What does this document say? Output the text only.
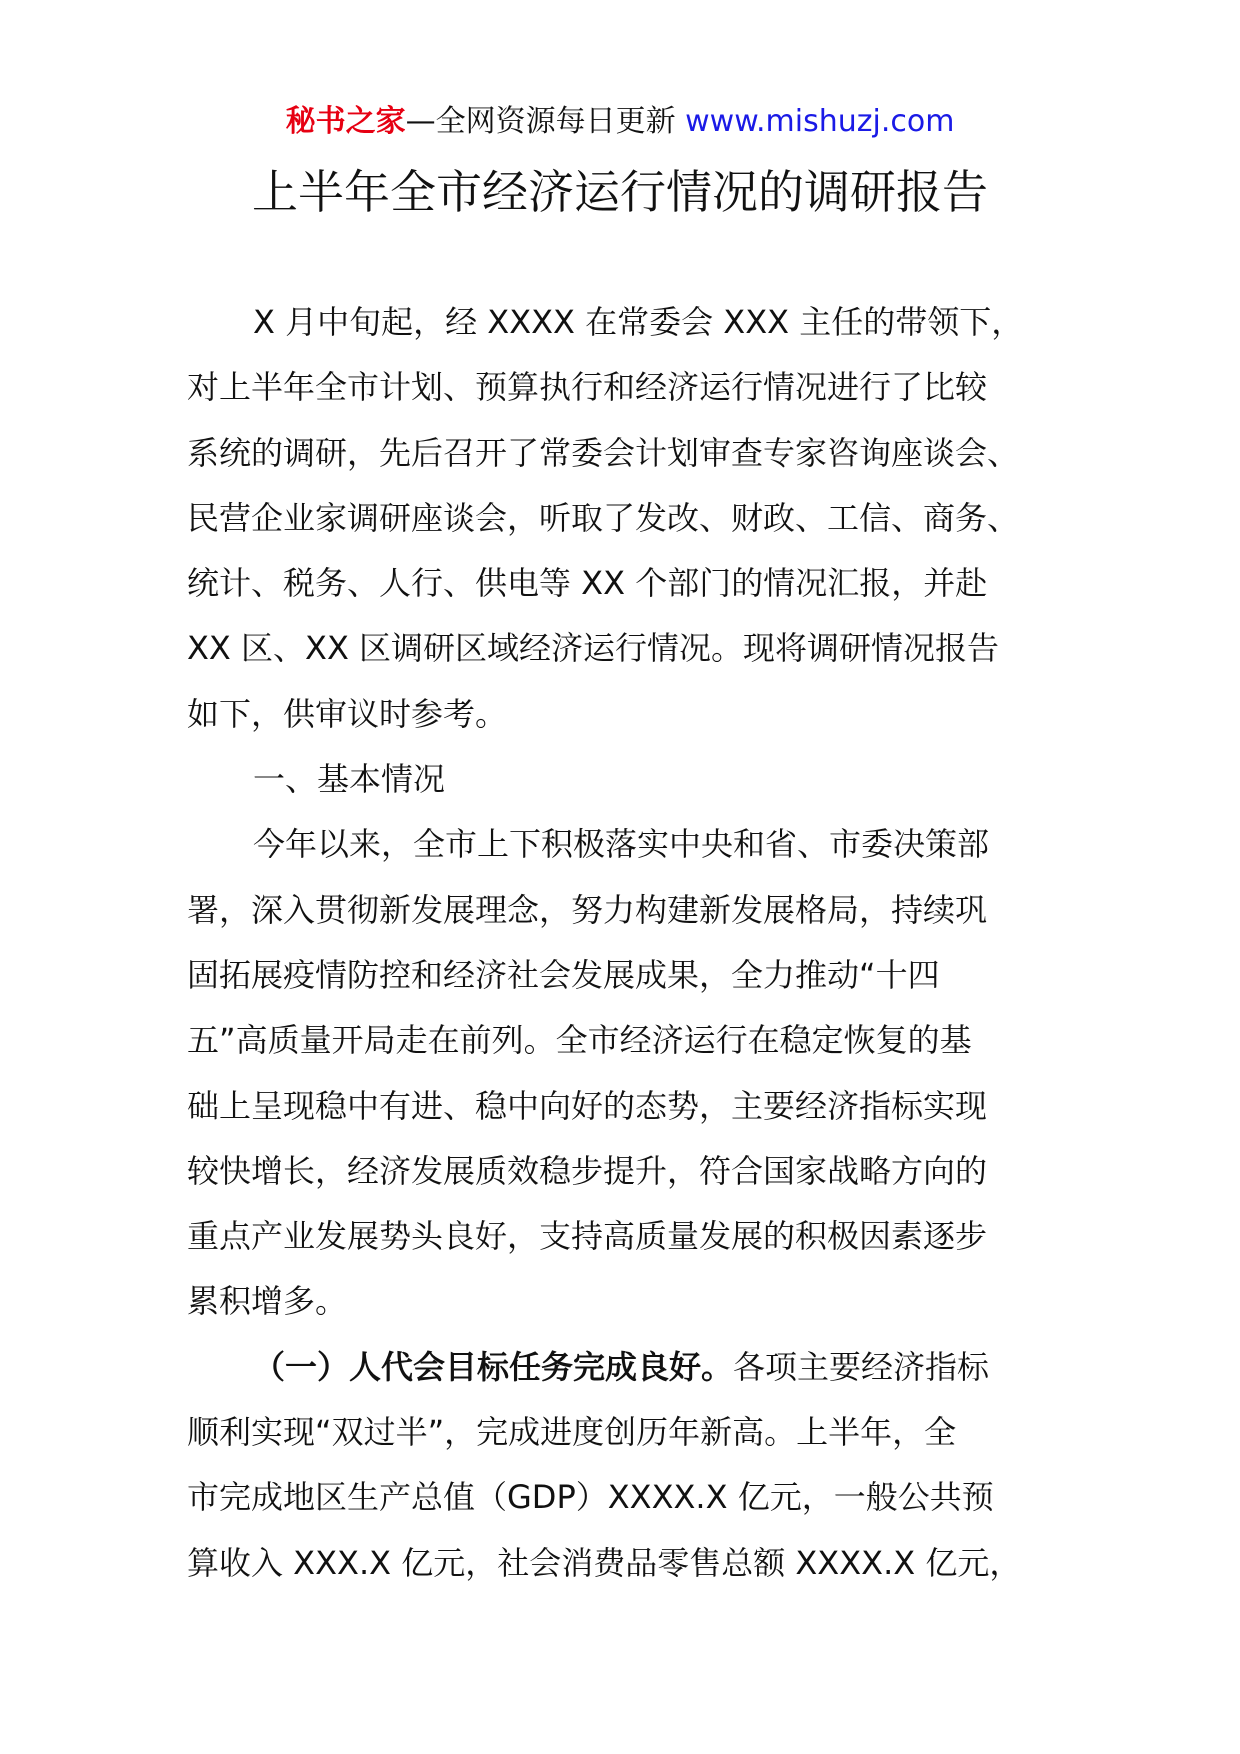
秘书之家—全网资源每日更新 www.mishuzj.com
上半年全市经济运行情况的调研报告
X 月中旬起，经 XXXX 在常委会 XXX 主任的带领下，
对上半年全市计划、预算执行和经济运行情况进行了比较
系统的调研，先后召开了常委会计划审查专家咨询座谈会、
民营企业家调研座谈会，听取了发改、财政、工信、商务、
统计、税务、人行、供电等 XX 个部门的情况汇报，并赴
XX 区、XX 区调研区域经济运行情况。现将调研情况报告
如下，供审议时参考。
一、基本情况
今年以来，全市上下积极落实中央和省、市委决策部
署，深入贯彻新发展理念，努力构建新发展格局，持续巩
固拓展疫情防控和经济社会发展成果，全力推动“十四
五”高质量开局走在前列。全市经济运行在稳定恢复的基
础上呈现稳中有进、稳中向好的态势，主要经济指标实现
较快增长，经济发展质效稳步提升，符合国家战略方向的
重点产业发展势头良好，支持高质量发展的积极因素逐步
累积增多。
（一）人代会目标任务完成良好。各项主要经济指标
顺利实现“双过半”，完成进度创历年新高。上半年，全
市完成地区生产总值（GDP）XXXX.X 亿元，一般公共预
算收入 XXX.X 亿元，社会消费品零售总额 XXXX.X 亿元，
